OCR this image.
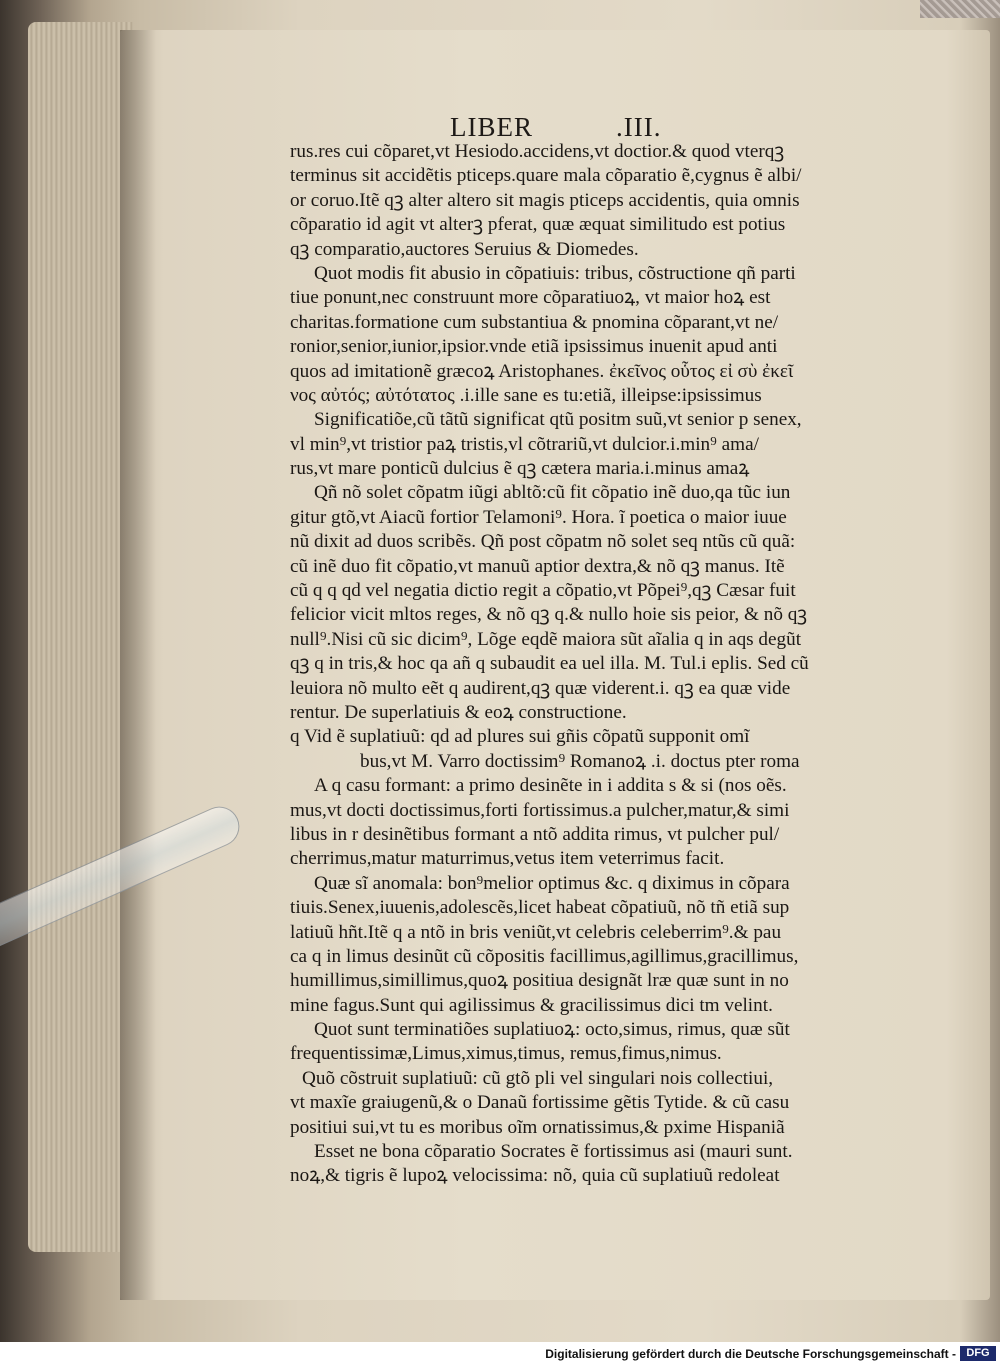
LIBER	.III.
rus.res cui cõparet,vt Hesiodo.accidens,vt doctior.& quod vterqꝫ
terminus sit accidẽtis pticeps.quare mala cõparatio ẽ,cygnus ẽ albi/
or coruo.Itẽ qꝫ alter altero sit magis pticeps accidentis, quia omnis
cõparatio id agit vt alterꝫ pferat, quæ æquat similitudo est potius
qꝫ comparatio,auctores Seruius & Diomedes.
Quot modis fit abusio in cõpatiuis: tribus, cõstructione qñ parti
tiue ponunt,nec construunt more cõparatiuoꝝ, vt maior hoꝝ est
charitas.formatione cum substantiua & pnomina cõparant,vt ne/
ronior,senior,iunior,ipsior.vnde etiã ipsissimus inuenit apud anti
quos ad imitationẽ græcoꝝ Aristophanes. ἐκεῖνος οὗτος εἰ σὺ ἐκεῖ
νος αὐτός; αὐτότατος .i.ille sane es tu:etiã, illeipse:ipsissimus
Significatiõe,cũ tãtũ significat qtũ positm suũ,vt senior p senex,
vl min⁹,vt tristior paꝝ tristis,vl cõtrariũ,vt dulcior.i.min⁹ ama/
rus,vt mare ponticũ dulcius ẽ qꝫ cætera maria.i.minus amaꝝ
Qñ nõ solet cõpatm iũgi abltõ:cũ fit cõpatio inẽ duo,qa tũc iun
gitur gtõ,vt Aiacũ fortior Telamoni⁹. Hora. ĩ poetica o maior iuue
nũ dixit ad duos scribẽs. Qñ post cõpatm nõ solet seq ntũs cũ quã:
cũ inẽ duo fit cõpatio,vt manuũ aptior dextra,& nõ qꝫ manus. Itẽ
cũ q q qd vel negatia dictio regit a cõpatio,vt Põpei⁹,qꝫ Cæsar fuit
felicior vicit mltos reges, & nõ qꝫ q.& nullo hoie sis peior, & nõ qꝫ
null⁹.Nisi cũ sic dicim⁹, Lõge eqdẽ maiora sũt aĩalia q in aqs degũt
qꝫ q in tris,& hoc qa añ q subaudit ea uel illa. M. Tul.i eplis. Sed cũ
leuiora nõ multo eẽt q audirent,qꝫ quæ viderent.i. qꝫ ea quæ vide
rentur. De superlatiuis & eoꝝ constructione.
q Vid ẽ suplatiuũ: qd ad plures sui gñis cõpatũ supponit omĩ
bus,vt M. Varro doctissim⁹ Romanoꝝ .i. doctus pter roma
A q casu formant: a primo desinẽte in i addita s & si (nos oẽs.
mus,vt docti doctissimus,forti fortissimus.a pulcher,matur,& simi
libus in r desinẽtibus formant a ntõ addita rimus, vt pulcher pul/
cherrimus,matur maturrimus,vetus item veterrimus facit.
Quæ sĩ anomala: bon⁹melior optimus &c. q diximus in cõpara
tiuis.Senex,iuuenis,adolescẽs,licet habeat cõpatiuũ, nõ tñ etiã sup
latiuũ hñt.Itẽ q a ntõ in bris veniũt,vt celebris celeberrim⁹.& pau
ca q in limus desinũt cũ cõpositis facillimus,agillimus,gracillimus,
humillimus,simillimus,quoꝝ positiua designãt lræ quæ sunt in no
mine fagus.Sunt qui agilissimus & gracilissimus dici tm velint.
Quot sunt terminatiões suplatiuoꝝ: octo,simus, rimus, quæ sũt
frequentissimæ,Limus,ximus,timus, remus,fimus,nimus.
Quõ cõstruit suplatiuũ: cũ gtõ pli vel singulari nois collectiui,
vt maxĩe graiugenũ,& o Danaũ fortissime gẽtis Tytide. & cũ casu
positiui sui,vt tu es moribus oĩm ornatissimus,& pxime Hispaniã
Esset ne bona cõparatio Socrates ẽ fortissimus asi (mauri sunt.
noꝝ,& tigris ẽ lupoꝝ velocissima: nõ, quia cũ suplatiuũ redoleat
Digitalisierung gefördert durch die Deutsche Forschungsgemeinschaft - DFG
